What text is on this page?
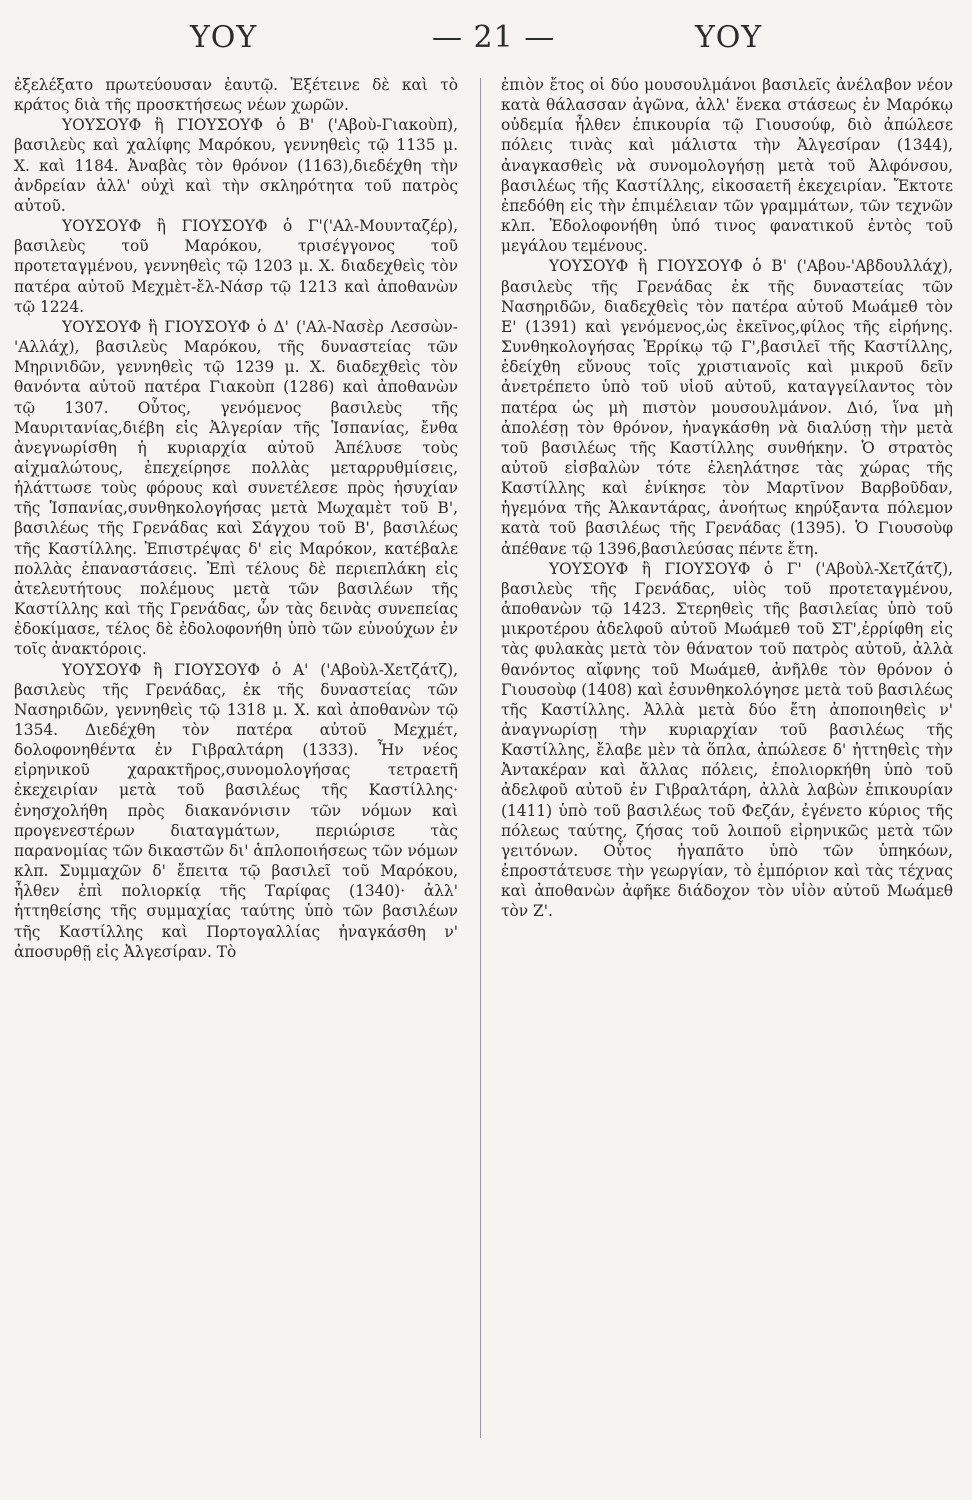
ΥΟΥ	— 21 —	ΥΟΥ

ἐξελέξατο πρωτεύουσαν ἑαυτῷ. Ἐξέτεινε δὲ καὶ τὸ κράτος διὰ τῆς προσκτήσεως νέων χωρῶν.

ΥΟΥΣΟΥΦ ἢ ΓΙΟΥΣΟΥΦ ὁ Β' ('Αβοὺ-Γιακοὺπ), βασιλεὺς καὶ χαλίφης Μαρόκου, γεννηθεὶς τῷ 1135 μ. Χ. καὶ 1184. Ἀναβὰς τὸν θρόνον (1163),διεδέχθη τὴν ἀνδρείαν ἀλλ' οὐχὶ καὶ τὴν σκληρότητα τοῦ πατρὸς αὐτοῦ.

ΥΟΥΣΟΥΦ ἢ ΓΙΟΥΣΟΥΦ ὁ Γ'('Αλ-Μουνταζέρ), βασιλεὺς τοῦ Μαρόκου, τρισέγγονος τοῦ προτεταγμένου, γεννηθεὶς τῷ 1203 μ. Χ. διαδεχθεὶς τὸν πατέρα αὐτοῦ Μεχμὲτ-ἔλ-Νάσρ τῷ 1213 καὶ ἀποθανὼν τῷ 1224.

ΥΟΥΣΟΥΦ ἢ ΓΙΟΥΣΟΥΦ ὁ Δ' ('Αλ-Νασὲρ Λεσσὼν-'Αλλάχ), βασιλεὺς Μαρόκου, τῆς δυναστείας τῶν Μηρινιδῶν, γεννηθεὶς τῷ 1239 μ. Χ. διαδεχθεὶς τὸν θανόντα αὐτοῦ πατέρα Γιακοὺπ (1286) καὶ ἀποθανὼν τῷ 1307. Οὗτος, γενόμενος βασιλεὺς τῆς Μαυριτανίας,διέβη εἰς Ἀλγερίαν τῆς Ἱσπανίας, ἔνθα ἀνεγνωρίσθη ἡ κυριαρχία αὐτοῦ Ἀπέλυσε τοὺς αἰχμαλώτους, ἐπεχείρησε πολλὰς μεταρρυθμίσεις, ἠλάττωσε τοὺς φόρους καὶ συνετέλεσε πρὸς ἡσυχίαν τῆς Ἱσπανίας,συνθηκολογήσας μετὰ Μωχαμὲτ τοῦ Β', βασιλέως τῆς Γρενάδας καὶ Σάγχου τοῦ Β', βασιλέως τῆς Καστίλλης. Ἐπιστρέψας δ' εἰς Μαρόκον, κατέβαλε πολλὰς ἐπαναστάσεις. Ἐπὶ τέλους δὲ περιεπλάκη εἰς ἀτελευτήτους πολέμους μετὰ τῶν βασιλέων τῆς Καστίλλης καὶ τῆς Γρενάδας, ὧν τὰς δεινὰς συνεπείας ἐδοκίμασε, τέλος δὲ ἐδολοφονήθη ὑπὸ τῶν εὐνούχων ἐν τοῖς ἀνακτόροις.

ΥΟΥΣΟΥΦ ἢ ΓΙΟΥΣΟΥΦ ὁ Α' ('Αβοὺλ-Χετζάτζ), βασιλεὺς τῆς Γρενάδας, ἐκ τῆς δυναστείας τῶν Νασηριδῶν, γεννηθεὶς τῷ 1318 μ. Χ. καὶ ἀποθανὼν τῷ 1354. Διεδέχθη τὸν πατέρα αὐτοῦ Μεχμέτ, δολοφονηθέντα ἐν Γιβραλτάρη (1333). Ἦν νέος εἰρηνικοῦ χαρακτῆρος,συνομολογήσας τετραετῆ ἐκεχειρίαν μετὰ τοῦ βασιλέως τῆς Καστίλλης· ἐνησχολήθη πρὸς διακανόνισιν τῶν νόμων καὶ προγενεστέρων διαταγμάτων, περιώρισε τὰς παρανομίας τῶν δικαστῶν δι' ἁπλοποιήσεως τῶν νόμων κλπ. Συμμαχῶν δ' ἔπειτα τῷ βασιλεῖ τοῦ Μαρόκου, ἦλθεν ἐπὶ πολιορκίᾳ τῆς Ταρίφας (1340)· ἀλλ' ἡττηθείσης τῆς συμμαχίας ταύτης ὑπὸ τῶν βασιλέων τῆς Καστίλλης καὶ Πορτογαλλίας ἠναγκάσθη ν' ἀποσυρθῇ εἰς Ἀλγεσίραν. Τὸ

ἐπιὸν ἔτος οἱ δύο μουσουλμάνοι βασιλεῖς ἀνέλαβον νέον κατὰ θάλασσαν ἀγῶνα, ἀλλ' ἕνεκα στάσεως ἐν Μαρόκῳ οὐδεμία ἦλθεν ἐπικουρία τῷ Γιουσούφ, διὸ ἀπώλεσε πόλεις τινὰς καὶ μάλιστα τὴν Ἀλγεσίραν (1344), ἀναγκασθεὶς νὰ συνομολογήσῃ μετὰ τοῦ Ἀλφόνσου, βασιλέως τῆς Καστίλλης, εἰκοσαετῆ ἐκεχειρίαν. Ἔκτοτε ἐπεδόθη εἰς τὴν ἐπιμέλειαν τῶν γραμμάτων, τῶν τεχνῶν κλπ. Ἐδολοφονήθη ὑπό τινος φανατικοῦ ἐντὸς τοῦ μεγάλου τεμένους.

ΥΟΥΣΟΥΦ ἢ ΓΙΟΥΣΟΥΦ ὁ Β' ('Αβου-'Αβδουλλάχ), βασιλεὺς τῆς Γρενάδας ἐκ τῆς δυναστείας τῶν Νασηριδῶν, διαδεχθεὶς τὸν πατέρα αὐτοῦ Μωάμεθ τὸν Ε' (1391) καὶ γενόμενος,ὡς ἐκεῖνος,φίλος τῆς εἰρήνης. Συνθηκολογήσας Ἐρρίκῳ τῷ Γ',βασιλεῖ τῆς Καστίλλης, ἐδείχθη εὔνους τοῖς χριστιανοῖς καὶ μικροῦ δεῖν ἀνετρέπετο ὑπὸ τοῦ υἱοῦ αὐτοῦ, καταγγείλαντος τὸν πατέρα ὡς μὴ πιστὸν μουσουλμάνον. Διό, ἵνα μὴ ἀπολέσῃ τὸν θρόνον, ἠναγκάσθη νὰ διαλύσῃ τὴν μετὰ τοῦ βασιλέως τῆς Καστίλλης συνθήκην. Ὁ στρατὸς αὐτοῦ εἰσβαλὼν τότε ἐλεηλάτησε τὰς χώρας τῆς Καστίλλης καὶ ἐνίκησε τὸν Μαρτῖνον Βαρβοῦδαν, ἡγεμόνα τῆς Ἀλκαντάρας, ἀνοήτως κηρύξαντα πόλεμον κατὰ τοῦ βασιλέως τῆς Γρενάδας (1395). Ὁ Γιουσοὺφ ἀπέθανε τῷ 1396,βασιλεύσας πέντε ἔτη.

ΥΟΥΣΟΥΦ ἢ ΓΙΟΥΣΟΥΦ ὁ Γ' ('Αβοὺλ-Χετζάτζ), βασιλεὺς τῆς Γρενάδας, υἱὸς τοῦ προτεταγμένου, ἀποθανὼν τῷ 1423. Στερηθεὶς τῆς βασιλείας ὑπὸ τοῦ μικροτέρου ἀδελφοῦ αὐτοῦ Μωάμεθ τοῦ ΣΤ',ἐρρίφθη εἰς τὰς φυλακὰς μετὰ τὸν θάνατον τοῦ πατρὸς αὐτοῦ, ἀλλὰ θανόντος αἴφνης τοῦ Μωάμεθ, ἀνῆλθε τὸν θρόνον ὁ Γιουσοὺφ (1408) καὶ ἐσυνθηκολόγησε μετὰ τοῦ βασιλέως τῆς Καστίλλης. Ἀλλὰ μετὰ δύο ἔτη ἀποποιηθεὶς ν' ἀναγνωρίσῃ τὴν κυριαρχίαν τοῦ βασιλέως τῆς Καστίλλης, ἔλαβε μὲν τὰ ὅπλα, ἀπώλεσε δ' ἡττηθεὶς τὴν Ἀντακέραν καὶ ἄλλας πόλεις, ἐπολιορκήθη ὑπὸ τοῦ ἀδελφοῦ αὐτοῦ ἐν Γιβραλτάρη, ἀλλὰ λαβὼν ἐπικουρίαν (1411) ὑπὸ τοῦ βασιλέως τοῦ Φεζάν, ἐγένετο κύριος τῆς πόλεως ταύτης, ζήσας τοῦ λοιποῦ εἰρηνικῶς μετὰ τῶν γειτόνων. Οὗτος ἠγαπᾶτο ὑπὸ τῶν ὑπηκόων, ἐπροστάτευσε τὴν γεωργίαν, τὸ ἐμπόριον καὶ τὰς τέχνας καὶ ἀποθανὼν ἀφῆκε διάδοχον τὸν υἱὸν αὐτοῦ Μωάμεθ τὸν Ζ'.
